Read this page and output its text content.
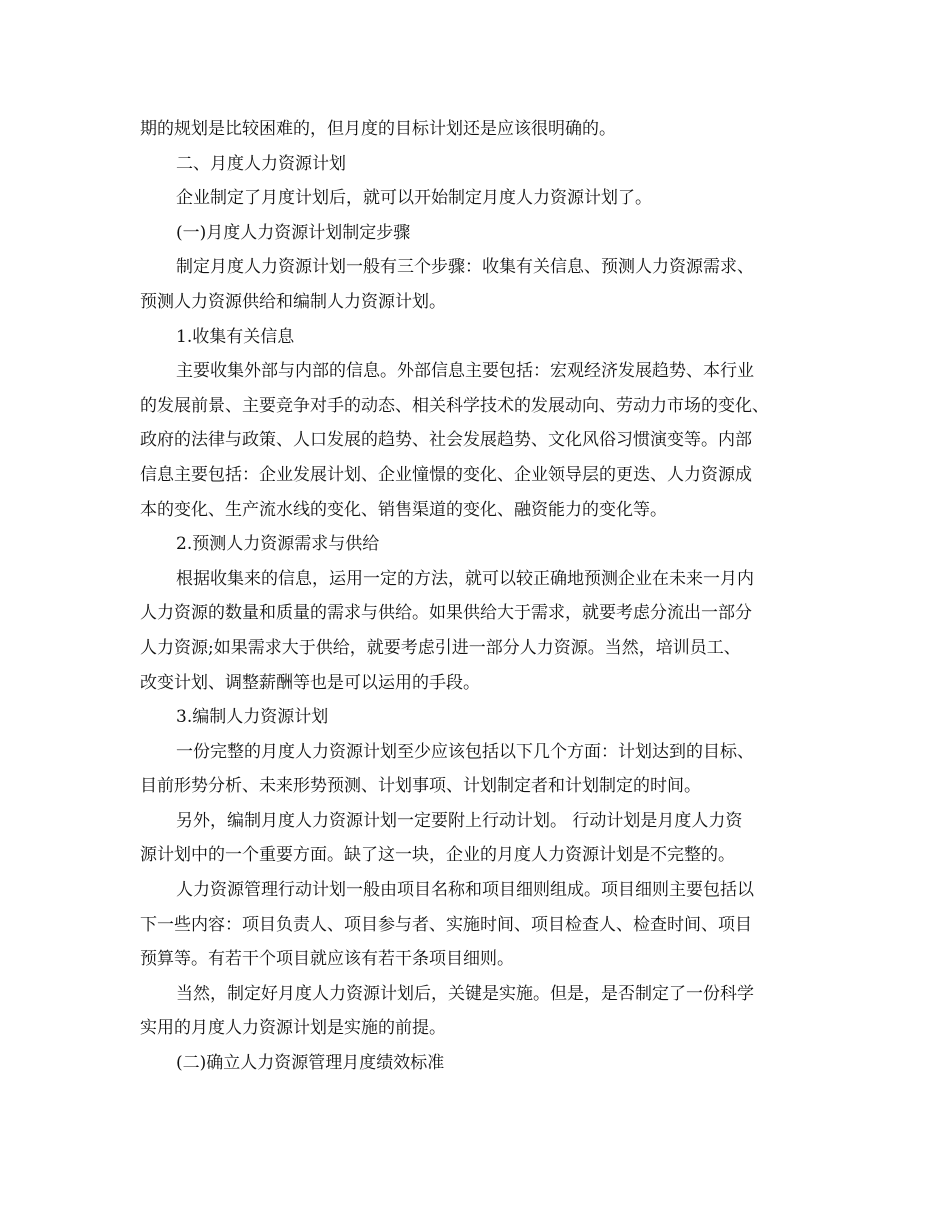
期的规划是比较困难的，但月度的目标计划还是应该很明确的。
二、月度人力资源计划
企业制定了月度计划后，就可以开始制定月度人力资源计划了。
(一)月度人力资源计划制定步骤
制定月度人力资源计划一般有三个步骤：收集有关信息、预测人力资源需求、
预测人力资源供给和编制人力资源计划。
1.收集有关信息
主要收集外部与内部的信息。外部信息主要包括：宏观经济发展趋势、本行业
的发展前景、主要竞争对手的动态、相关科学技术的发展动向、劳动力市场的变化、
政府的法律与政策、人口发展的趋势、社会发展趋势、文化风俗习惯演变等。内部
信息主要包括：企业发展计划、企业憧憬的变化、企业领导层的更迭、人力资源成
本的变化、生产流水线的变化、销售渠道的变化、融资能力的变化等。
2.预测人力资源需求与供给
根据收集来的信息，运用一定的方法，就可以较正确地预测企业在未来一月内
人力资源的数量和质量的需求与供给。如果供给大于需求，就要考虑分流出一部分
人力资源;如果需求大于供给，就要考虑引进一部分人力资源。当然，培训员工、
改变计划、调整薪酬等也是可以运用的手段。
3.编制人力资源计划
一份完整的月度人力资源计划至少应该包括以下几个方面：计划达到的目标、
目前形势分析、未来形势预测、计划事项、计划制定者和计划制定的时间。
另外，编制月度人力资源计划一定要附上行动计划。 行动计划是月度人力资
源计划中的一个重要方面。缺了这一块，企业的月度人力资源计划是不完整的。
人力资源管理行动计划一般由项目名称和项目细则组成。项目细则主要包括以
下一些内容：项目负责人、项目参与者、实施时间、项目检查人、检查时间、项目
预算等。有若干个项目就应该有若干条项目细则。
当然，制定好月度人力资源计划后，关键是实施。但是，是否制定了一份科学
实用的月度人力资源计划是实施的前提。
(二)确立人力资源管理月度绩效标准
